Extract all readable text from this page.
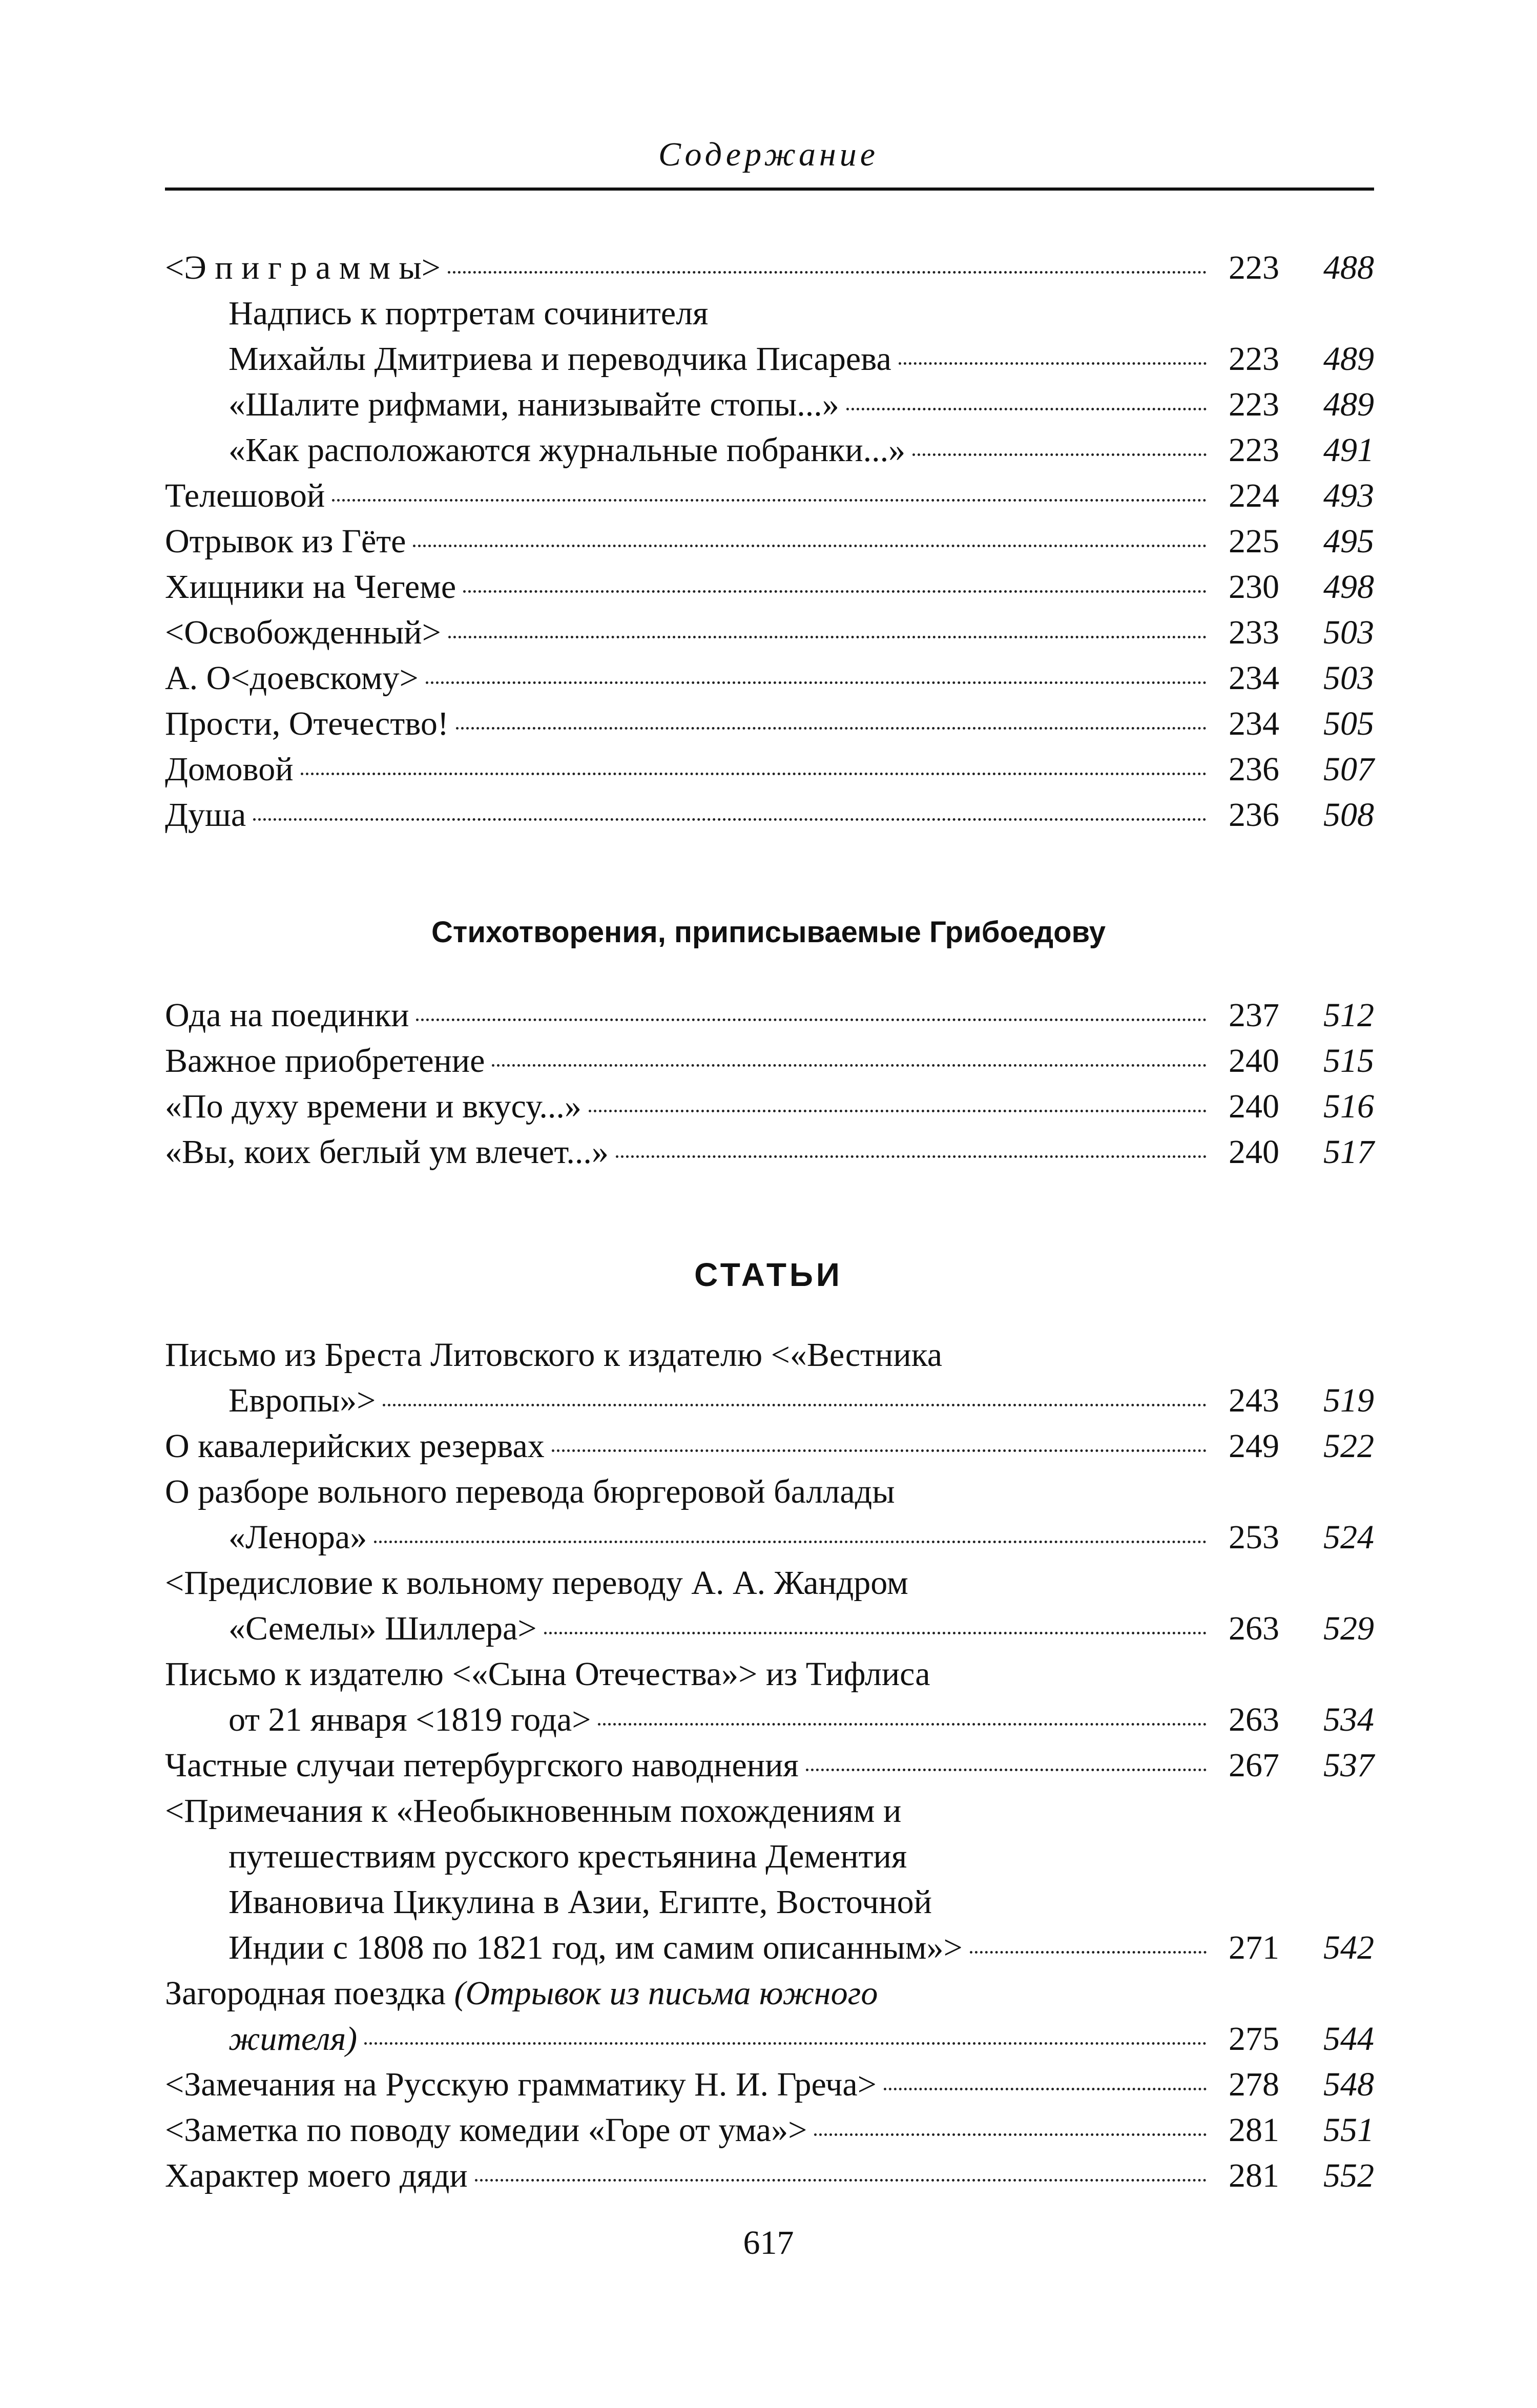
Содержание
<Э п и г р а м м ы>	223	488
Надпись к портретам сочинителя
Михайлы Дмитриева и переводчика Писарева	223	489
«Шалите рифмами, нанизывайте стопы...»	223	489
«Как расположаются журнальные побранки...»	223	491
Телешовой	224	493
Отрывок из Гёте	225	495
Хищники на Чегеме	230	498
<Освобожденный>	233	503
А. О<доевскому>	234	503
Прости, Отечество!	234	505
Домовой	236	507
Душа	236	508
Стихотворения, приписываемые Грибоедову
Ода на поединки	237	512
Важное приобретение	240	515
«По духу времени и вкусу...»	240	516
«Вы, коих беглый ум влечет...»	240	517
СТАТЬИ
Письмо из Бреста Литовского к издателю <«Вестника
Европы»>	243	519
О кавалерийских резервах	249	522
О разборе вольного перевода бюргеровой баллады
«Ленора»	253	524
<Предисловие к вольному переводу А. А. Жандром
«Семелы» Шиллера>	263	529
Письмо к издателю <«Сына Отечества»> из Тифлиса
от 21 января <1819 года>	263	534
Частные случаи петербургского наводнения	267	537
<Примечания к «Необыкновенным похождениям и
путешествиям русского крестьянина Дементия
Ивановича Цикулина в Азии, Египте, Восточной
Индии с 1808 по 1821 год, им самим описанным»>	271	542
Загородная поездка (Отрывок из письма южного
жителя)	275	544
<Замечания на Русскую грамматику Н. И. Греча>	278	548
<Заметка по поводу комедии «Горе от ума»>	281	551
Характер моего дяди	281	552
617
